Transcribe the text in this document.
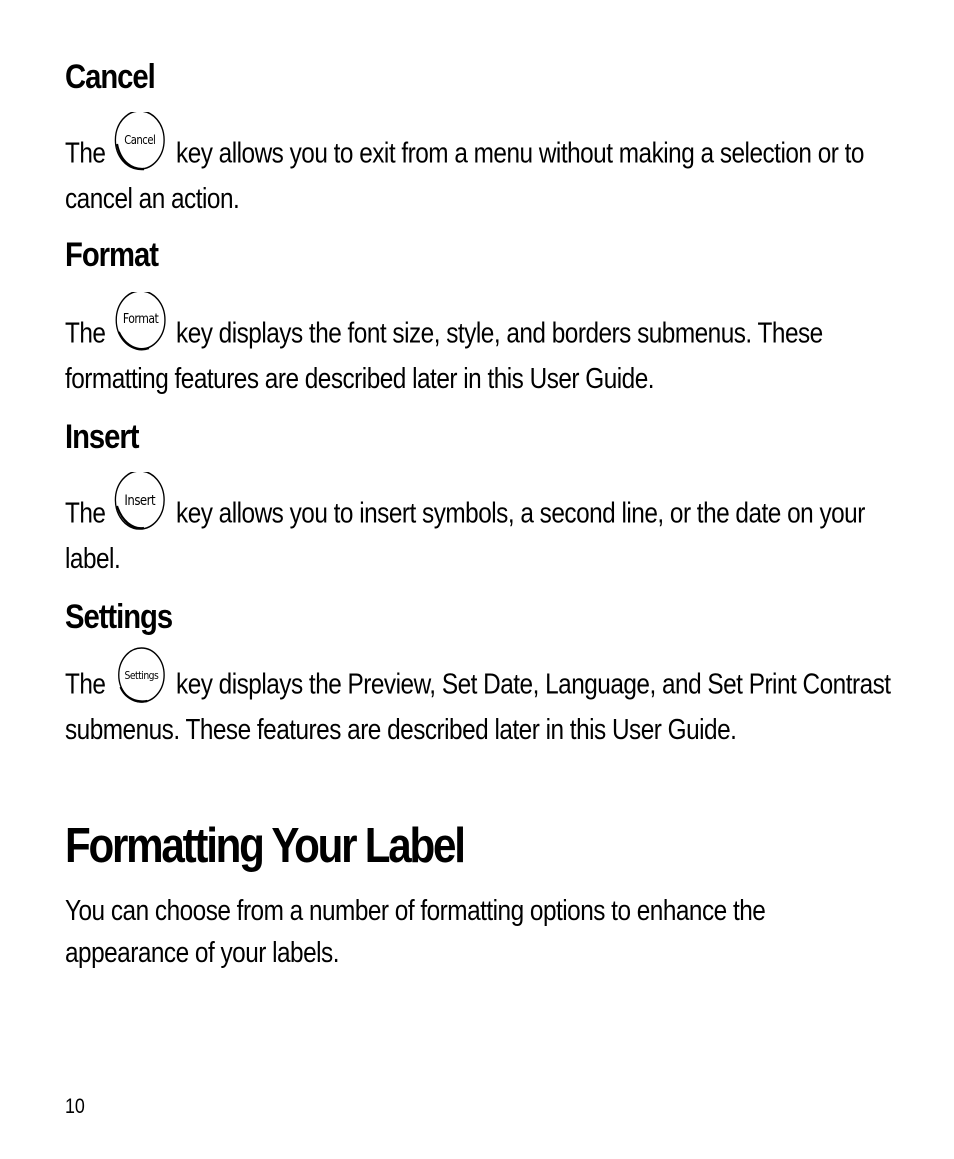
Cancel

The Cancel key allows you to exit from a menu without making a selection or to cancel an action.

Format

The Format key displays the font size, style, and borders submenus. These formatting features are described later in this User Guide.

Insert

The Insert key allows you to insert symbols, a second line, or the date on your label.

Settings

The Settings key displays the Preview, Set Date, Language, and Set Print Contrast submenus. These features are described later in this User Guide.

Formatting Your Label

You can choose from a number of formatting options to enhance the appearance of your labels.

10
